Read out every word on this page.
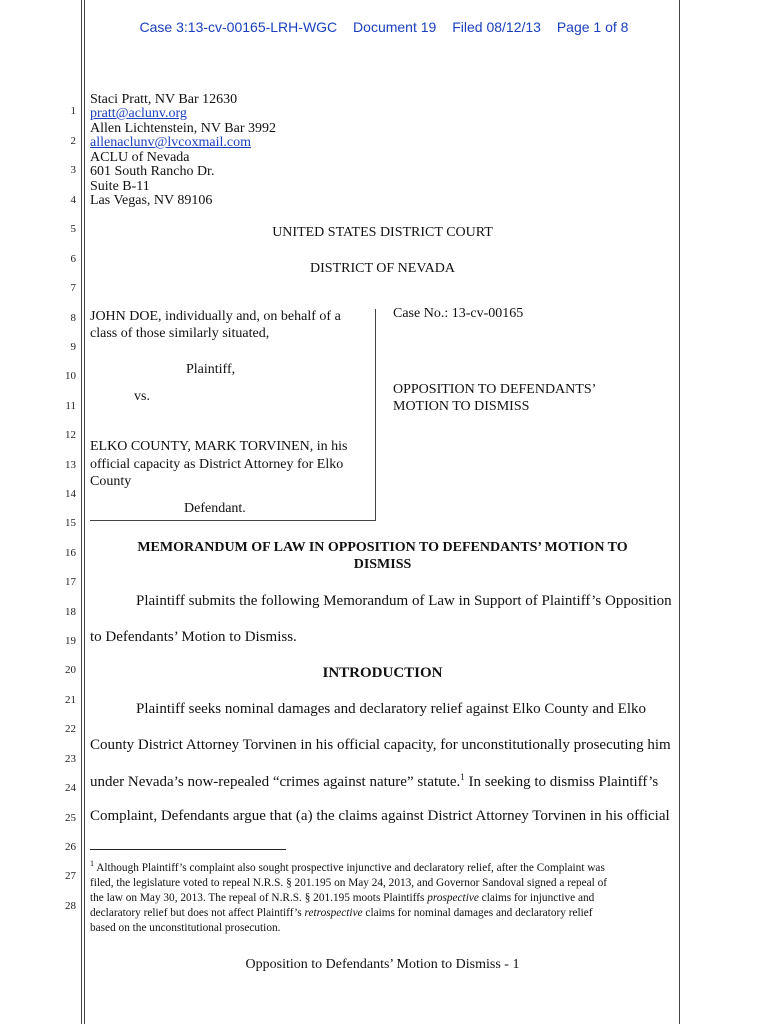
Case 3:13-cv-00165-LRH-WGC Document 19 Filed 08/12/13 Page 1 of 8
1
2
3
4
5
6
7
8
9
10
11
12
13
14
15
16
17
18
19
20
21
22
23
24
25
26
27
28
Staci Pratt, NV Bar 12630
pratt@aclunv.org
Allen Lichtenstein, NV Bar 3992
allenaclunv@lvcoxmail.com
ACLU of Nevada
601 South Rancho Dr.
Suite B-11
Las Vegas, NV 89106
UNITED STATES DISTRICT COURT
DISTRICT OF NEVADA
JOHN DOE, individually and, on behalf of a
class of those similarly situated,
Plaintiff,
vs.
ELKO COUNTY, MARK TORVINEN, in his
official capacity as District Attorney for Elko
County
Defendant.
Case No.: 13-cv-00165
OPPOSITION TO DEFENDANTS’
MOTION TO DISMISS
MEMORANDUM OF LAW IN OPPOSITION TO DEFENDANTS’ MOTION TO
DISMISS
Plaintiff submits the following Memorandum of Law in Support of Plaintiff’s Opposition
to Defendants’ Motion to Dismiss.
INTRODUCTION
Plaintiff seeks nominal damages and declaratory relief against Elko County and Elko
County District Attorney Torvinen in his official capacity, for unconstitutionally prosecuting him
under Nevada’s now-repealed “crimes against nature” statute.$^1$ In seeking to dismiss Plaintiff’s
Complaint, Defendants argue that (a) the claims against District Attorney Torvinen in his official
$^1$ Although Plaintiff’s complaint also sought prospective injunctive and declaratory relief, after the Complaint was
filed, the legislature voted to repeal N.R.S. § 201.195 on May 24, 2013, and Governor Sandoval signed a repeal of
the law on May 30, 2013. The repeal of N.R.S. § 201.195 moots Plaintiffs prospective claims for injunctive and
declaratory relief but does not affect Plaintiff’s retrospective claims for nominal damages and declaratory relief
based on the unconstitutional prosecution.
Opposition to Defendants’ Motion to Dismiss - 1
